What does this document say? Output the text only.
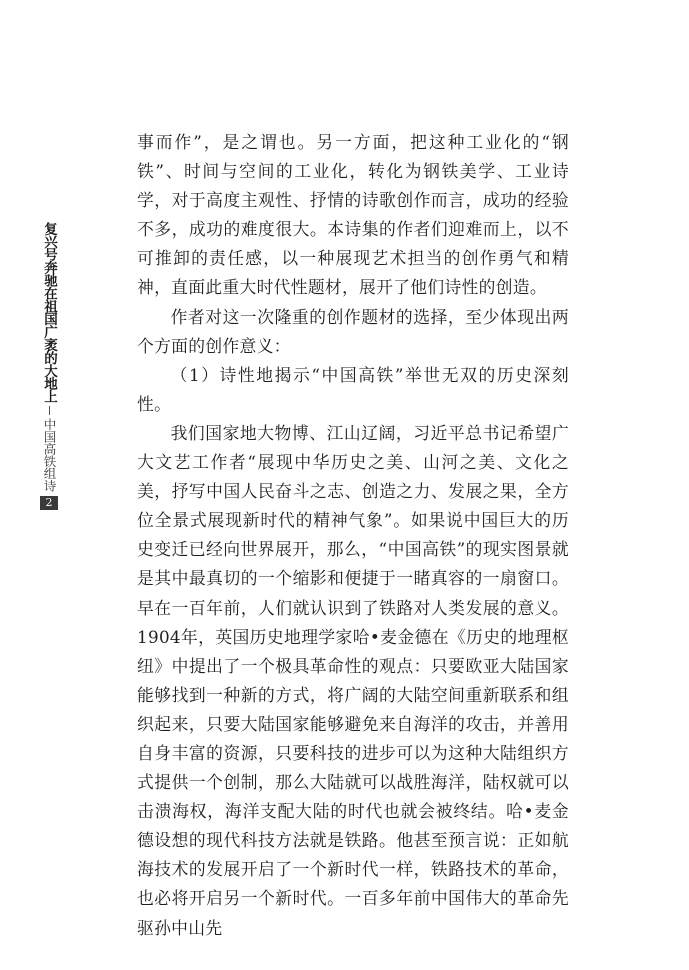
复兴号奔驰在祖国广袤的大地上
中国高铁组诗
2

事而作”，是之谓也。另一方面，把这种工业化的“钢铁”、时间与空间的工业化，转化为钢铁美学、工业诗学，对于高度主观性、抒情的诗歌创作而言，成功的经验不多，成功的难度很大。本诗集的作者们迎难而上，以不可推卸的责任感，以一种展现艺术担当的创作勇气和精神，直面此重大时代性题材，展开了他们诗性的创造。

作者对这一次隆重的创作题材的选择，至少体现出两个方面的创作意义：

（1）诗性地揭示“中国高铁”举世无双的历史深刻性。

我们国家地大物博、江山辽阔，习近平总书记希望广大文艺工作者“展现中华历史之美、山河之美、文化之美，抒写中国人民奋斗之志、创造之力、发展之果，全方位全景式展现新时代的精神气象”。如果说中国巨大的历史变迁已经向世界展开，那么，“中国高铁”的现实图景就是其中最真切的一个缩影和便捷于一睹真容的一扇窗口。早在一百年前，人们就认识到了铁路对人类发展的意义。1904年，英国历史地理学家哈•麦金德在《历史的地理枢纽》中提出了一个极具革命性的观点：只要欧亚大陆国家能够找到一种新的方式，将广阔的大陆空间重新联系和组织起来，只要大陆国家能够避免来自海洋的攻击，并善用自身丰富的资源，只要科技的进步可以为这种大陆组织方式提供一个创制，那么大陆就可以战胜海洋，陆权就可以击溃海权，海洋支配大陆的时代也就会被终结。哈•麦金德设想的现代科技方法就是铁路。他甚至预言说：正如航海技术的发展开启了一个新时代一样，铁路技术的革命，也必将开启另一个新时代。一百多年前中国伟大的革命先驱孙中山先
